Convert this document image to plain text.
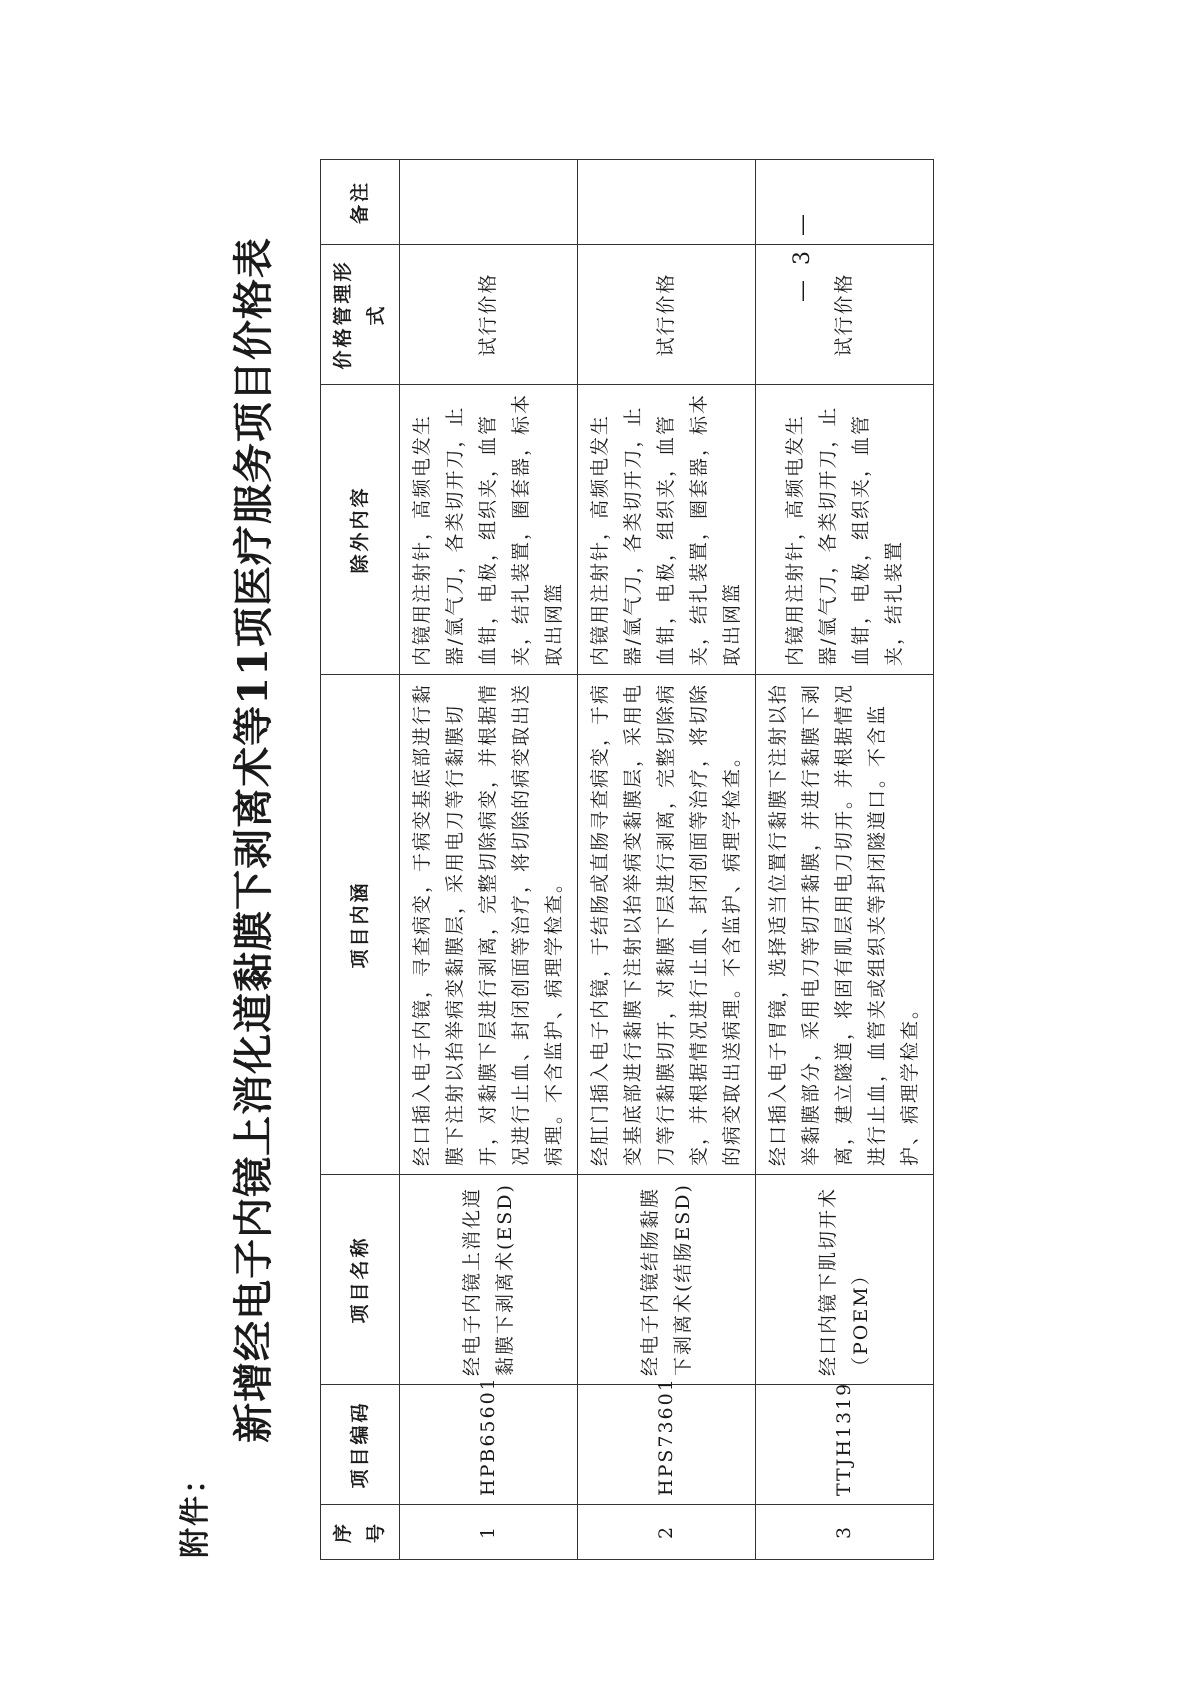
附件：
新增经电子内镜上消化道黏膜下剥离术等11项医疗服务项目价格表
序号	项目编码	项目名称	项目内涵	除外内容	价格管理形式	备注
1	HPB65601	经电子内镜上消化道黏膜下剥离术(ESD)	经口插入电子内镜，寻查病变，于病变基底部进行黏膜下注射以抬举病变黏膜层，采用电刀等行黏膜切开，对黏膜下层进行剥离，完整切除病变，并根据情况进行止血、封闭创面等治疗，将切除的病变取出送病理。不含监护、病理学检查。	内镜用注射针，高频电发生器/氩气刀，各类切开刀，止血钳，电极，组织夹，血管夹，结扎装置，圈套器，标本取出网篮	试行价格	
2	HPS73601	经电子内镜结肠黏膜下剥离术(结肠ESD)	经肛门插入电子内镜，于结肠或直肠寻查病变，于病变基底部进行黏膜下注射以抬举病变黏膜层，采用电刀等行黏膜切开，对黏膜下层进行剥离，完整切除病变，并根据情况进行止血、封闭创面等治疗，将切除的病变取出送病理。不含监护、病理学检查。	内镜用注射针，高频电发生器/氩气刀，各类切开刀，止血钳，电极，组织夹，血管夹，结扎装置，圈套器，标本取出网篮	试行价格	
3	TTJH1319	经口内镜下肌切开术（POEM）	经口插入电子胃镜，选择适当位置行黏膜下注射以抬举黏膜部分，采用电刀等切开黏膜，并进行黏膜下剥离，建立隧道，将固有肌层用电刀切开。并根据情况进行止血，血管夹或组织夹等封闭隧道口。不含监护、病理学检查。	内镜用注射针，高频电发生器/氩气刀，各类切开刀，止血钳，电极，组织夹，血管夹，结扎装置	试行价格	
— 3 —
